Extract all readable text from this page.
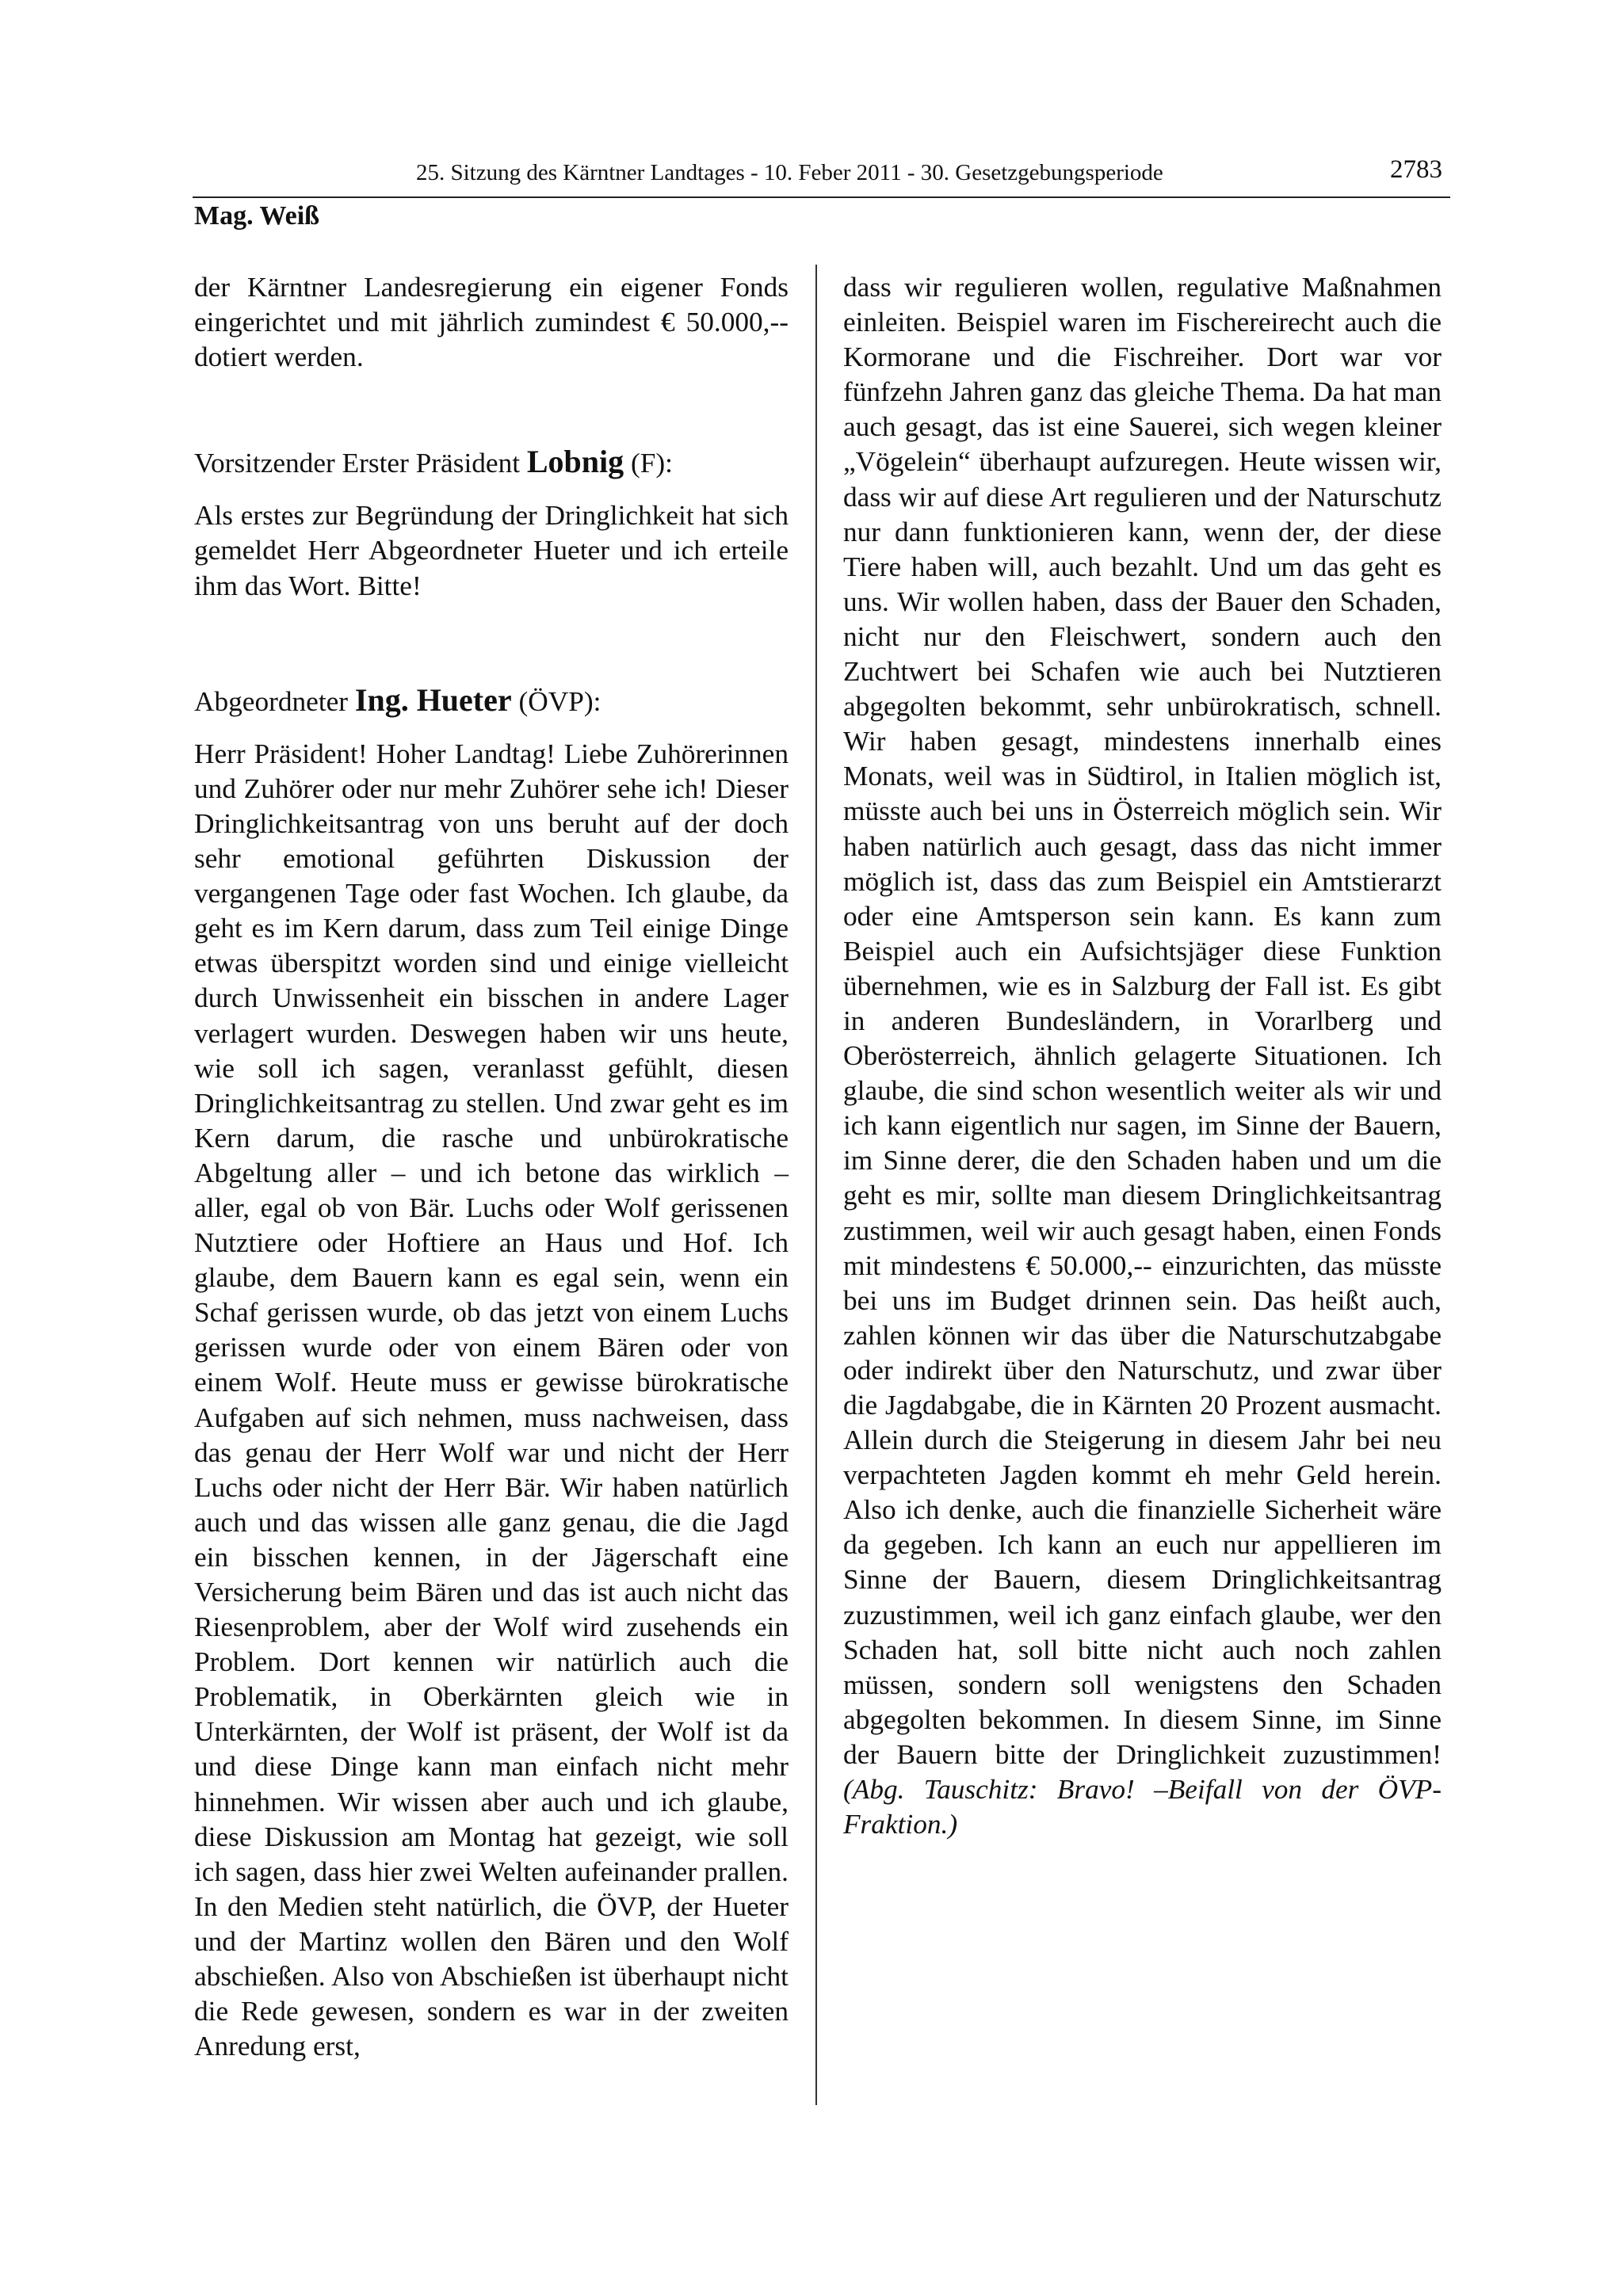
25. Sitzung des Kärntner Landtages - 10. Feber 2011 - 30. Gesetzgebungsperiode	2783
Mag. Weiß

der Kärntner Landesregierung ein eigener Fonds eingerichtet und mit jährlich zumindest € 50.000,-- dotiert werden.

Vorsitzender Erster Präsident Lobnig (F):

Als erstes zur Begründung der Dringlichkeit hat sich gemeldet Herr Abgeordneter Hueter und ich erteile ihm das Wort. Bitte!

Abgeordneter Ing. Hueter (ÖVP):

Herr Präsident! Hoher Landtag! Liebe Zuhörerinnen und Zuhörer oder nur mehr Zuhörer sehe ich! Dieser Dringlichkeitsantrag von uns beruht auf der doch sehr emotional geführten Diskussion der vergangenen Tage oder fast Wochen. Ich glaube, da geht es im Kern darum, dass zum Teil einige Dinge etwas überspitzt worden sind und einige vielleicht durch Unwissenheit ein bisschen in andere Lager verlagert wurden. Deswegen haben wir uns heute, wie soll ich sagen, veranlasst gefühlt, diesen Dringlichkeitsantrag zu stellen. Und zwar geht es im Kern darum, die rasche und unbürokratische Abgeltung aller – und ich betone das wirklich – aller, egal ob von Bär. Luchs oder Wolf gerissenen Nutztiere oder Hoftiere an Haus und Hof. Ich glaube, dem Bauern kann es egal sein, wenn ein Schaf gerissen wurde, ob das jetzt von einem Luchs gerissen wurde oder von einem Bären oder von einem Wolf. Heute muss er gewisse bürokratische Aufgaben auf sich nehmen, muss nachweisen, dass das genau der Herr Wolf war und nicht der Herr Luchs oder nicht der Herr Bär. Wir haben natürlich auch und das wissen alle ganz genau, die die Jagd ein bisschen kennen, in der Jägerschaft eine Versicherung beim Bären und das ist auch nicht das Riesenproblem, aber der Wolf wird zusehends ein Problem. Dort kennen wir natürlich auch die Problematik, in Oberkärnten gleich wie in Unterkärnten, der Wolf ist präsent, der Wolf ist da und diese Dinge kann man einfach nicht mehr hinnehmen. Wir wissen aber auch und ich glaube, diese Diskussion am Montag hat gezeigt, wie soll ich sagen, dass hier zwei Welten aufeinander prallen. In den Medien steht natürlich, die ÖVP, der Hueter und der Martinz wollen den Bären und den Wolf abschießen. Also von Abschießen ist überhaupt nicht die Rede gewesen, sondern es war in der zweiten Anredung erst,

dass wir regulieren wollen, regulative Maßnahmen einleiten. Beispiel waren im Fischereirecht auch die Kormorane und die Fischreiher. Dort war vor fünfzehn Jahren ganz das gleiche Thema. Da hat man auch gesagt, das ist eine Sauerei, sich wegen kleiner „Vögelein“ überhaupt aufzuregen. Heute wissen wir, dass wir auf diese Art regulieren und der Naturschutz nur dann funktionieren kann, wenn der, der diese Tiere haben will, auch bezahlt. Und um das geht es uns. Wir wollen haben, dass der Bauer den Schaden, nicht nur den Fleischwert, sondern auch den Zuchtwert bei Schafen wie auch bei Nutztieren abgegolten bekommt, sehr unbürokratisch, schnell. Wir haben gesagt, mindestens innerhalb eines Monats, weil was in Südtirol, in Italien möglich ist, müsste auch bei uns in Österreich möglich sein. Wir haben natürlich auch gesagt, dass das nicht immer möglich ist, dass das zum Beispiel ein Amtstierarzt oder eine Amtsperson sein kann. Es kann zum Beispiel auch ein Aufsichtsjäger diese Funktion übernehmen, wie es in Salzburg der Fall ist. Es gibt in anderen Bundesländern, in Vorarlberg und Oberösterreich, ähnlich gelagerte Situationen. Ich glaube, die sind schon wesentlich weiter als wir und ich kann eigentlich nur sagen, im Sinne der Bauern, im Sinne derer, die den Schaden haben und um die geht es mir, sollte man diesem Dringlichkeitsantrag zustimmen, weil wir auch gesagt haben, einen Fonds mit mindestens € 50.000,-- einzurichten, das müsste bei uns im Budget drinnen sein. Das heißt auch, zahlen können wir das über die Naturschutzabgabe oder indirekt über den Naturschutz, und zwar über die Jagdabgabe, die in Kärnten 20 Prozent ausmacht. Allein durch die Steigerung in diesem Jahr bei neu verpachteten Jagden kommt eh mehr Geld herein. Also ich denke, auch die finanzielle Sicherheit wäre da gegeben. Ich kann an euch nur appellieren im Sinne der Bauern, diesem Dringlichkeitsantrag zuzustimmen, weil ich ganz einfach glaube, wer den Schaden hat, soll bitte nicht auch noch zahlen müssen, sondern soll wenigstens den Schaden abgegolten bekommen. In diesem Sinne, im Sinne der Bauern bitte der Dringlichkeit zuzustimmen! (Abg. Tauschitz: Bravo! –Beifall von der ÖVP-Fraktion.)
